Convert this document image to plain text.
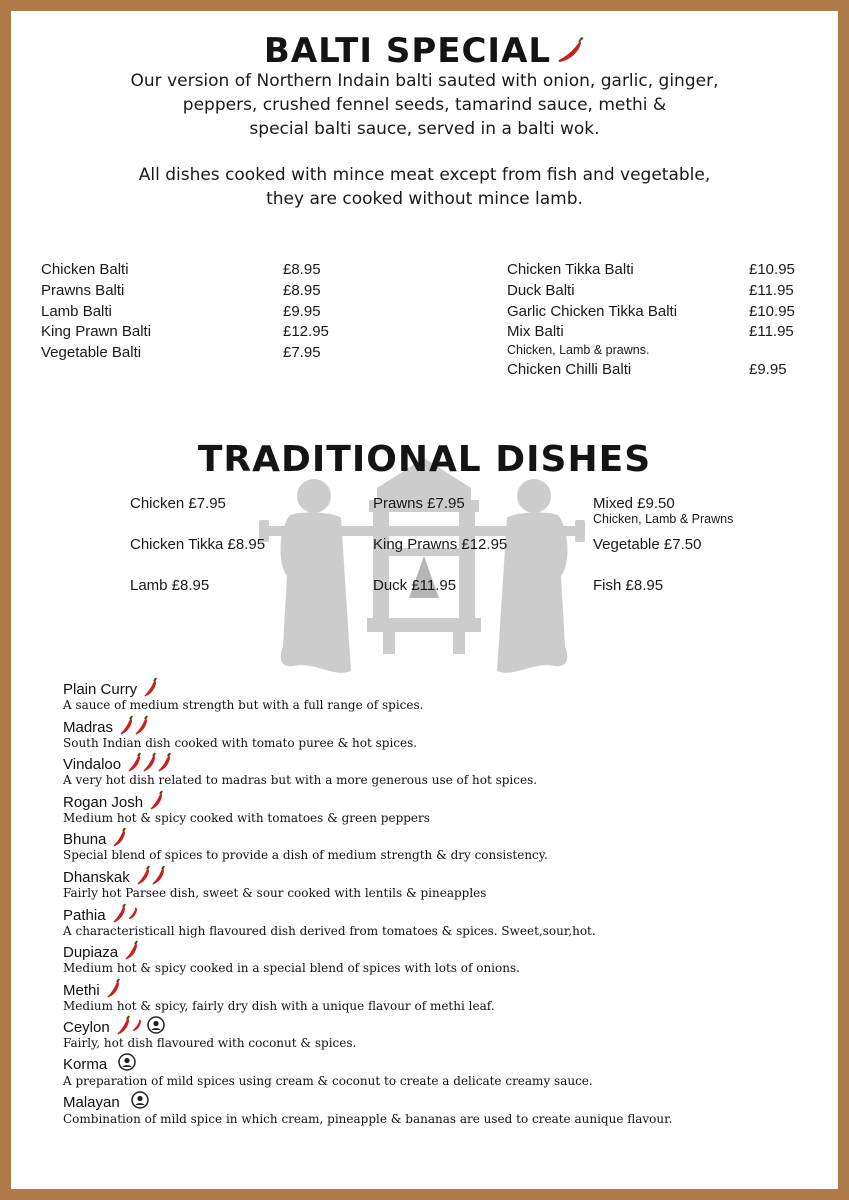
BALTI SPECIAL
Our version of Northern Indain balti sauted with onion, garlic, ginger,
peppers, crushed fennel seeds, tamarind sauce, methi &
special balti sauce, served in a balti wok.
All dishes cooked with mince meat except from fish and vegetable,
they are cooked without mince lamb.
Chicken Balti	£8.95
Prawns Balti	£8.95
Lamb Balti	£9.95
King Prawn Balti	£12.95
Vegetable Balti	£7.95
Chicken Tikka Balti	£10.95
Duck Balti	£11.95
Garlic Chicken Tikka Balti	£10.95
Mix Balti	£11.95
Chicken, Lamb & prawns.
Chicken Chilli Balti	£9.95
TRADITIONAL DISHES
Chicken £7.95	Prawns £7.95	Mixed £9.50
Chicken, Lamb & Prawns
Chicken Tikka £8.95	King Prawns £12.95	Vegetable £7.50
Lamb £8.95	Duck £11.95	Fish £8.95
Plain Curry
A sauce of medium strength but with a full range of spices.
Madras
South Indian dish cooked with tomato puree & hot spices.
Vindaloo
A very hot dish related to madras but with a more generous use of hot spices.
Rogan Josh
Medium hot & spicy cooked with tomatoes & green peppers
Bhuna
Special blend of spices to provide a dish of medium strength & dry consistency.
Dhanskak
Fairly hot Parsee dish, sweet & sour cooked with lentils & pineapples
Pathia
A characteristicall high flavoured dish derived from tomatoes & spices. Sweet,sour,hot.
Dupiaza
Medium hot & spicy cooked in a special blend of spices with lots of onions.
Methi
Medium hot & spicy, fairly dry dish with a unique flavour of methi leaf.
Ceylon
Fairly, hot dish flavoured with coconut & spices.
Korma
A preparation of mild spices using cream & coconut to create a delicate creamy sauce.
Malayan
Combination of mild spice in which cream, pineapple & bananas are used to create aunique flavour.
